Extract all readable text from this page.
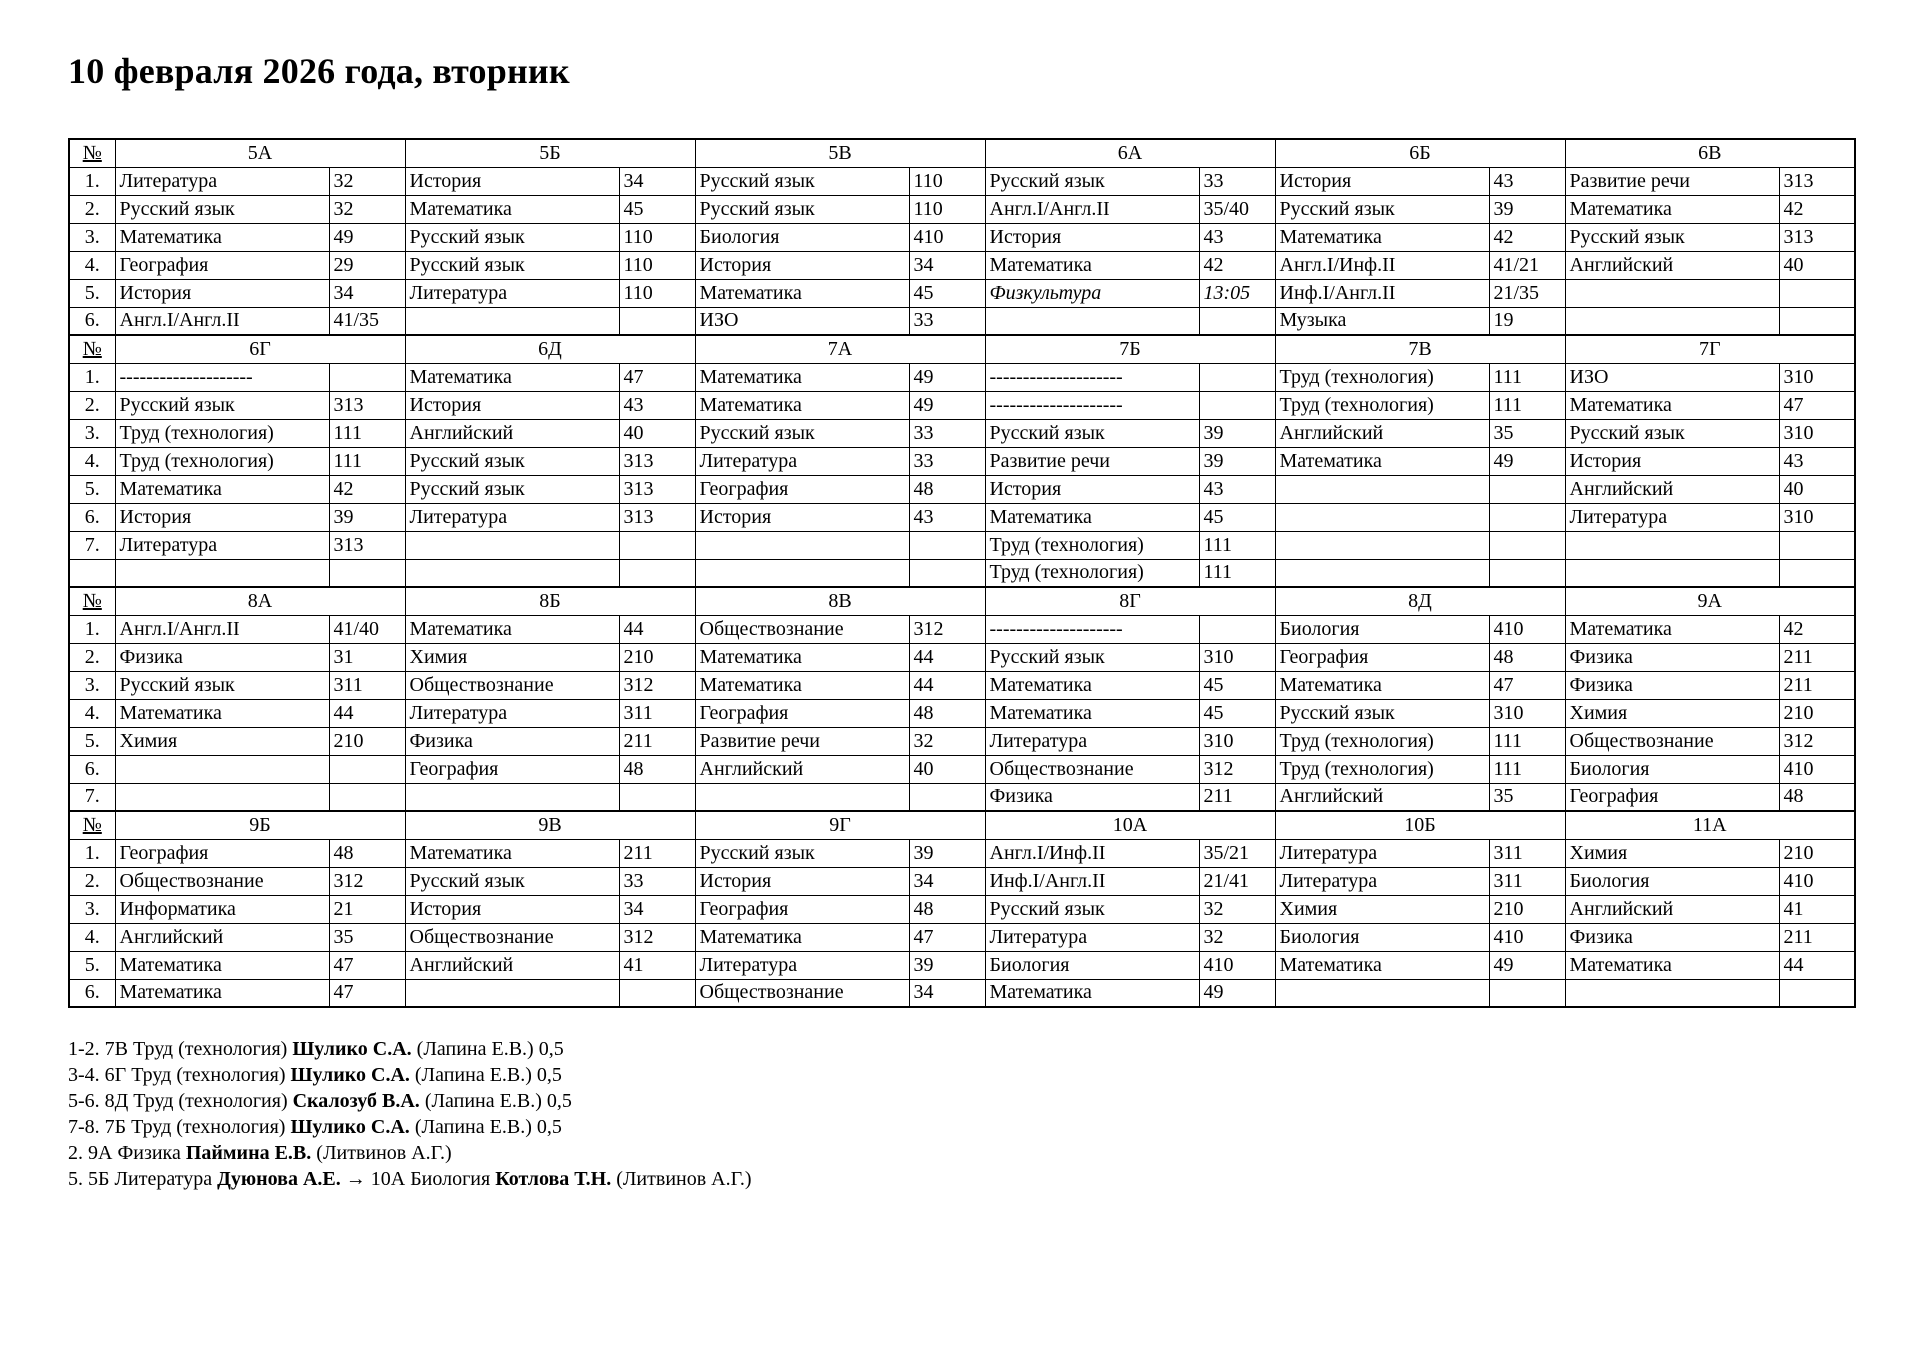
10 февраля 2026 года, вторник
№	5А		5Б		5В		6А		6Б		6В	
1.	Литература	32	История	34	Русский язык	110	Русский язык	33	История	43	Развитие речи	313
2.	Русский язык	32	Математика	45	Русский язык	110	Англ.I/Англ.II	35/40	Русский язык	39	Математика	42
3.	Математика	49	Русский язык	110	Биология	410	История	43	Математика	42	Русский язык	313
4.	География	29	Русский язык	110	История	34	Математика	42	Англ.I/Инф.II	41/21	Английский	40
5.	История	34	Литература	110	Математика	45	Физкультура	13:05	Инф.I/Англ.II	21/35		
6.	Англ.I/Англ.II	41/35			ИЗО	33			Музыка	19		
№	6Г		6Д		7А		7Б		7В		7Г	
1.	--------------------		Математика	47	Математика	49	--------------------		Труд (технология)	111	ИЗО	310
2.	Русский язык	313	История	43	Математика	49	--------------------		Труд (технология)	111	Математика	47
3.	Труд (технология)	111	Английский	40	Русский язык	33	Русский язык	39	Английский	35	Русский язык	310
4.	Труд (технология)	111	Русский язык	313	Литература	33	Развитие речи	39	Математика	49	История	43
5.	Математика	42	Русский язык	313	География	48	История	43			Английский	40
6.	История	39	Литература	313	История	43	Математика	45			Литература	310
7.	Литература	313					Труд (технология)	111				
							Труд (технология)	111				
№	8А		8Б		8В		8Г		8Д		9А	
1.	Англ.I/Англ.II	41/40	Математика	44	Обществознание	312	--------------------		Биология	410	Математика	42
2.	Физика	31	Химия	210	Математика	44	Русский язык	310	География	48	Физика	211
3.	Русский язык	311	Обществознание	312	Математика	44	Математика	45	Математика	47	Физика	211
4.	Математика	44	Литература	311	География	48	Математика	45	Русский язык	310	Химия	210
5.	Химия	210	Физика	211	Развитие речи	32	Литература	310	Труд (технология)	111	Обществознание	312
6.			География	48	Английский	40	Обществознание	312	Труд (технология)	111	Биология	410
7.							Физика	211	Английский	35	География	48
№	9Б		9В		9Г		10А		10Б		11А	
1.	География	48	Математика	211	Русский язык	39	Англ.I/Инф.II	35/21	Литература	311	Химия	210
2.	Обществознание	312	Русский язык	33	История	34	Инф.I/Англ.II	21/41	Литература	311	Биология	410
3.	Информатика	21	История	34	География	48	Русский язык	32	Химия	210	Английский	41
4.	Английский	35	Обществознание	312	Математика	47	Литература	32	Биология	410	Физика	211
5.	Математика	47	Английский	41	Литература	39	Биология	410	Математика	49	Математика	44
6.	Математика	47			Обществознание	34	Математика	49				

1-2. 7В Труд (технология) Шулико С.А. (Лапина Е.В.) 0,5

3-4. 6Г Труд (технология) Шулико С.А. (Лапина Е.В.) 0,5

5-6. 8Д Труд (технология) Скалозуб В.А. (Лапина Е.В.) 0,5

7-8. 7Б Труд (технология) Шулико С.А. (Лапина Е.В.) 0,5

2. 9А Физика Паймина Е.В. (Литвинов А.Г.)

5. 5Б Литература Дуюнова А.Е. → 10А Биология Котлова Т.Н. (Литвинов А.Г.)
